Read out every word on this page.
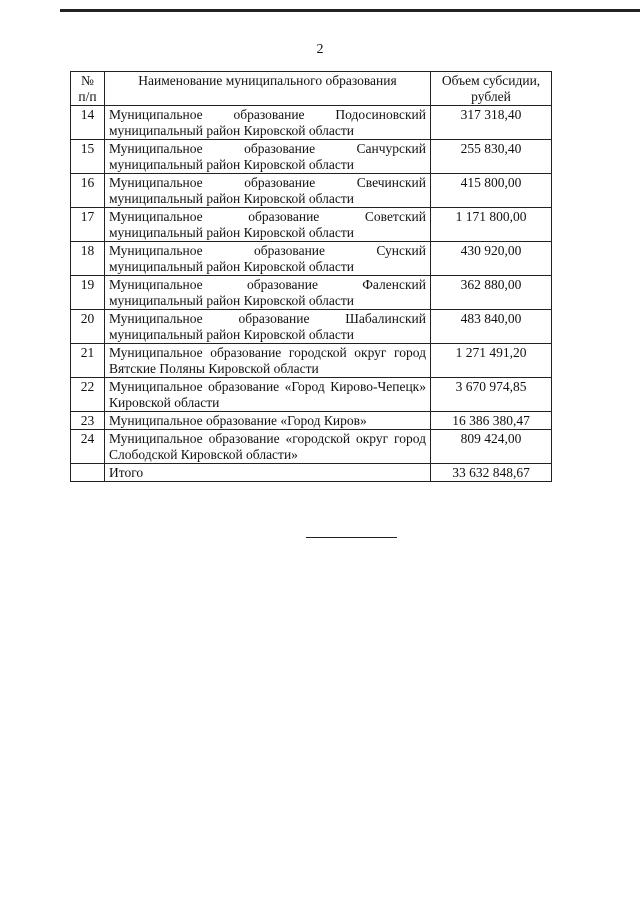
2
№ п/п	Наименование муниципального образования	Объем субсидии, рублей
14	Муниципальное образование Подосиновский муниципальный район Кировской области	317 318,40
15	Муниципальное образование Санчурский муниципальный район Кировской области	255 830,40
16	Муниципальное образование Свечинский муниципальный район Кировской области	415 800,00
17	Муниципальное образование Советский муниципальный район Кировской области	1 171 800,00
18	Муниципальное образование Сунский муниципальный район Кировской области	430 920,00
19	Муниципальное образование Фаленский муниципальный район Кировской области	362 880,00
20	Муниципальное образование Шабалинский муниципальный район Кировской области	483 840,00
21	Муниципальное образование городской округ город Вятские Поляны Кировской области	1 271 491,20
22	Муниципальное образование «Город Кирово-Чепецк» Кировской области	3 670 974,85
23	Муниципальное образование «Город Киров»	16 386 380,47
24	Муниципальное образование «городской округ город Слободской Кировской области»	809 424,00
	Итого	33 632 848,67
